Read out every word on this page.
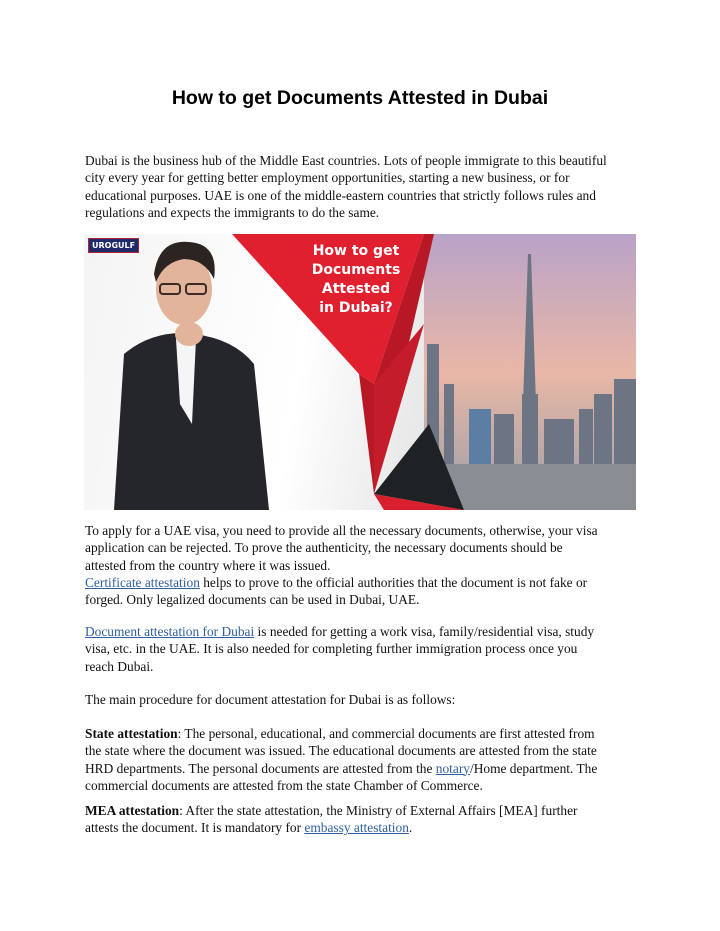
How to get Documents Attested in Dubai
Dubai is the business hub of the Middle East countries. Lots of people immigrate to this beautiful
city every year for getting better employment opportunities, starting a new business, or for
educational purposes. UAE is one of the middle-eastern countries that strictly follows rules and
regulations and expects the immigrants to do the same.
UROGULF	How to get
Documents
Attested
in Dubai?
To apply for a UAE visa, you need to provide all the necessary documents, otherwise, your visa
application can be rejected. To prove the authenticity, the necessary documents should be
attested from the country where it was issued.
Certificate attestation helps to prove to the official authorities that the document is not fake or
forged. Only legalized documents can be used in Dubai, UAE.
Document attestation for Dubai is needed for getting a work visa, family/residential visa, study
visa, etc. in the UAE. It is also needed for completing further immigration process once you
reach Dubai.
The main procedure for document attestation for Dubai is as follows:
State attestation: The personal, educational, and commercial documents are first attested from
the state where the document was issued. The educational documents are attested from the state
HRD departments. The personal documents are attested from the notary/Home department. The
commercial documents are attested from the state Chamber of Commerce.
MEA attestation: After the state attestation, the Ministry of External Affairs [MEA] further
attests the document. It is mandatory for embassy attestation.
